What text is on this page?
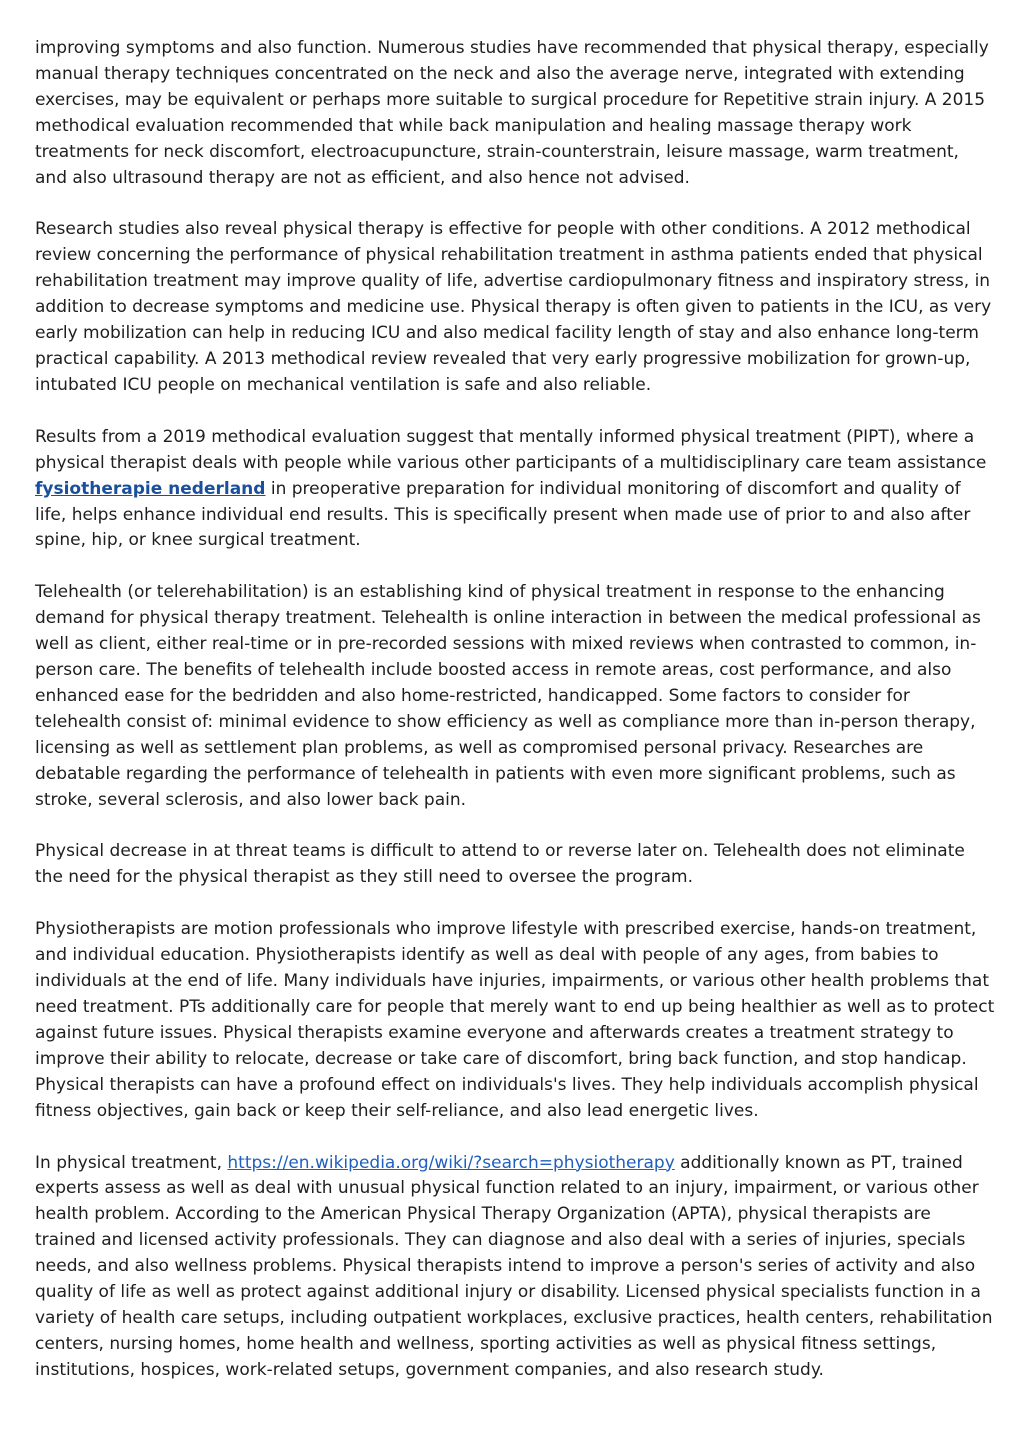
improving symptoms and also function. Numerous studies have recommended that physical therapy, especially manual therapy techniques concentrated on the neck and also the average nerve, integrated with extending exercises, may be equivalent or perhaps more suitable to surgical procedure for Repetitive strain injury. A 2015 methodical evaluation recommended that while back manipulation and healing massage therapy work treatments for neck discomfort, electroacupuncture, strain-counterstrain, leisure massage, warm treatment, and also ultrasound therapy are not as efficient, and also hence not advised.

Research studies also reveal physical therapy is effective for people with other conditions. A 2012 methodical review concerning the performance of physical rehabilitation treatment in asthma patients ended that physical rehabilitation treatment may improve quality of life, advertise cardiopulmonary fitness and inspiratory stress, in addition to decrease symptoms and medicine use. Physical therapy is often given to patients in the ICU, as very early mobilization can help in reducing ICU and also medical facility length of stay and also enhance long-term practical capability. A 2013 methodical review revealed that very early progressive mobilization for grown-up, intubated ICU people on mechanical ventilation is safe and also reliable.

Results from a 2019 methodical evaluation suggest that mentally informed physical treatment (PIPT), where a physical therapist deals with people while various other participants of a multidisciplinary care team assistance fysiotherapie nederland in preoperative preparation for individual monitoring of discomfort and quality of life, helps enhance individual end results. This is specifically present when made use of prior to and also after spine, hip, or knee surgical treatment.

Telehealth (or telerehabilitation) is an establishing kind of physical treatment in response to the enhancing demand for physical therapy treatment. Telehealth is online interaction in between the medical professional as well as client, either real-time or in pre-recorded sessions with mixed reviews when contrasted to common, in-person care. The benefits of telehealth include boosted access in remote areas, cost performance, and also enhanced ease for the bedridden and also home-restricted, handicapped. Some factors to consider for telehealth consist of: minimal evidence to show efficiency as well as compliance more than in-person therapy, licensing as well as settlement plan problems, as well as compromised personal privacy. Researches are debatable regarding the performance of telehealth in patients with even more significant problems, such as stroke, several sclerosis, and also lower back pain.

Physical decrease in at threat teams is difficult to attend to or reverse later on. Telehealth does not eliminate the need for the physical therapist as they still need to oversee the program.

Physiotherapists are motion professionals who improve lifestyle with prescribed exercise, hands-on treatment, and individual education. Physiotherapists identify as well as deal with people of any ages, from babies to individuals at the end of life. Many individuals have injuries, impairments, or various other health problems that need treatment. PTs additionally care for people that merely want to end up being healthier as well as to protect against future issues. Physical therapists examine everyone and afterwards creates a treatment strategy to improve their ability to relocate, decrease or take care of discomfort, bring back function, and stop handicap. Physical therapists can have a profound effect on individuals's lives. They help individuals accomplish physical fitness objectives, gain back or keep their self-reliance, and also lead energetic lives.

In physical treatment, https://en.wikipedia.org/wiki/?search=physiotherapy additionally known as PT, trained experts assess as well as deal with unusual physical function related to an injury, impairment, or various other health problem. According to the American Physical Therapy Organization (APTA), physical therapists are trained and licensed activity professionals. They can diagnose and also deal with a series of injuries, specials needs, and also wellness problems. Physical therapists intend to improve a person's series of activity and also quality of life as well as protect against additional injury or disability. Licensed physical specialists function in a variety of health care setups, including outpatient workplaces, exclusive practices, health centers, rehabilitation centers, nursing homes, home health and wellness, sporting activities as well as physical fitness settings, institutions, hospices, work-related setups, government companies, and also research study.
